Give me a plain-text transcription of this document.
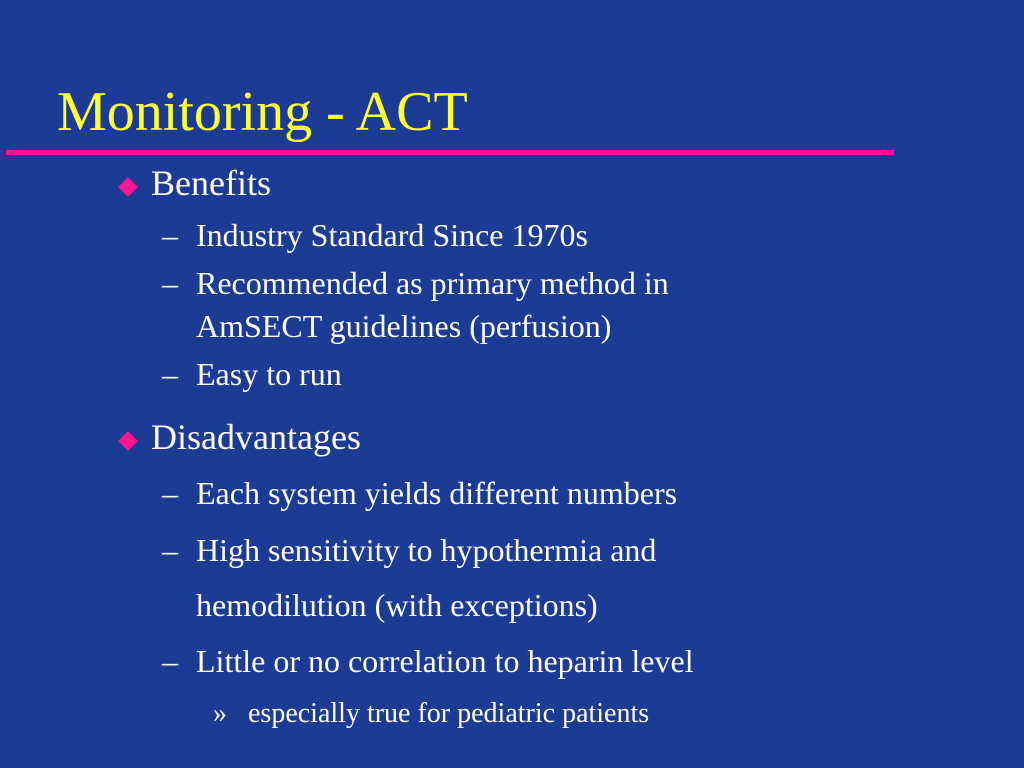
Monitoring - ACT
Benefits
– Industry Standard Since 1970s
– Recommended as primary method in
AmSECT guidelines (perfusion)
– Easy to run
Disadvantages
– Each system yields different numbers
– High sensitivity to hypothermia and
hemodilution (with exceptions)
– Little or no correlation to heparin level
» especially true for pediatric patients
